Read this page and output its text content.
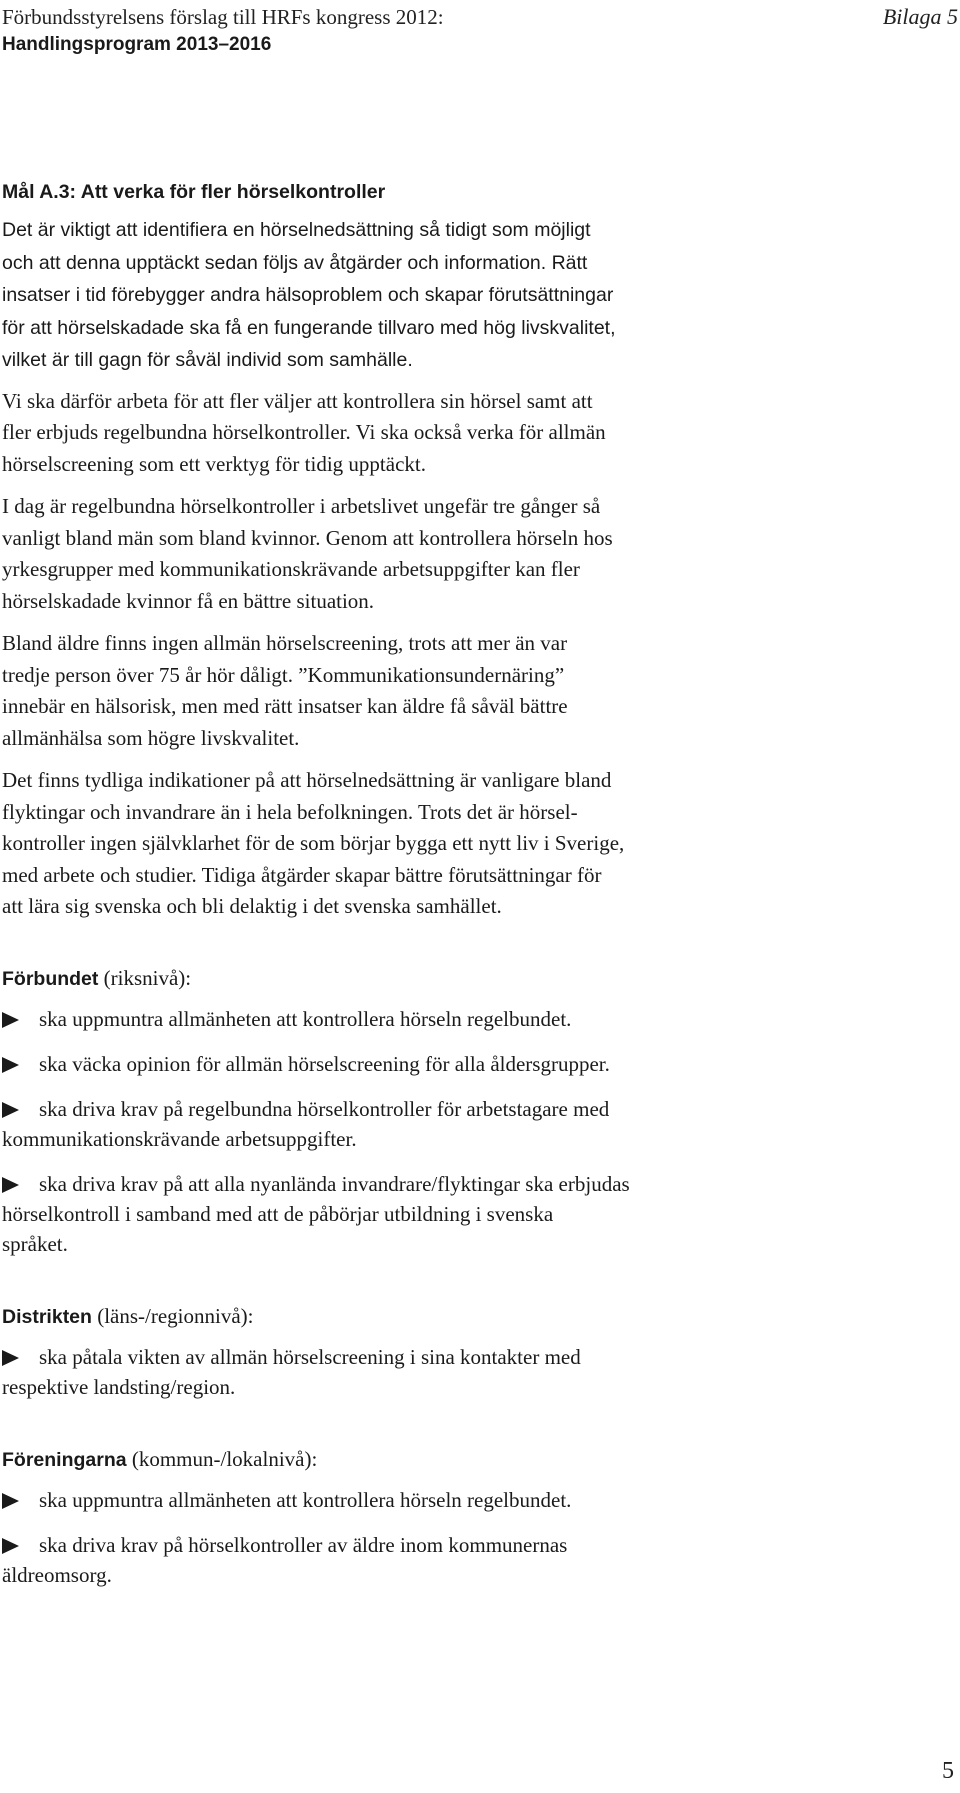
Förbundsstyrelsens förslag till HRFs kongress 2012:
Handlingsprogram 2013–2016
Bilaga 5
Mål A.3: Att verka för fler hörselkontroller
Det är viktigt att identifiera en hörselnedsättning så tidigt som möjligt
och att denna upptäckt sedan följs av åtgärder och information. Rätt
insatser i tid förebygger andra hälsoproblem och skapar förutsättningar
för att hörselskadade ska få en fungerande tillvaro med hög livskvalitet,
vilket är till gagn för såväl individ som samhälle.
Vi ska därför arbeta för att fler väljer att kontrollera sin hörsel samt att
fler erbjuds regelbundna hörselkontroller. Vi ska också verka för allmän
hörselscreening som ett verktyg för tidig upptäckt.
I dag är regelbundna hörselkontroller i arbetslivet ungefär tre gånger så
vanligt bland män som bland kvinnor. Genom att kontrollera hörseln hos
yrkesgrupper med kommunikationskrävande arbetsuppgifter kan fler
hörselskadade kvinnor få en bättre situation.
Bland äldre finns ingen allmän hörselscreening, trots att mer än var
tredje person över 75 år hör dåligt. ”Kommunikationsundernäring”
innebär en hälsorisk, men med rätt insatser kan äldre få såväl bättre
allmänhälsa som högre livskvalitet.
Det finns tydliga indikationer på att hörselnedsättning är vanligare bland
flyktingar och invandrare än i hela befolkningen. Trots det är hörsel-
kontroller ingen självklarhet för de som börjar bygga ett nytt liv i Sverige,
med arbete och studier. Tidiga åtgärder skapar bättre förutsättningar för
att lära sig svenska och bli delaktig i det svenska samhället.
Förbundet (riksnivå):
ska uppmuntra allmänheten att kontrollera hörseln regelbundet.
ska väcka opinion för allmän hörselscreening för alla åldersgrupper.
ska driva krav på regelbundna hörselkontroller för arbetstagare med
kommunikationskrävande arbetsuppgifter.
ska driva krav på att alla nyanlända invandrare/flyktingar ska erbjudas
hörselkontroll i samband med att de påbörjar utbildning i svenska
språket.
Distrikten (läns-/regionnivå):
ska påtala vikten av allmän hörselscreening i sina kontakter med
respektive landsting/region.
Föreningarna (kommun-/lokalnivå):
ska uppmuntra allmänheten att kontrollera hörseln regelbundet.
ska driva krav på hörselkontroller av äldre inom kommunernas
äldreomsorg.
5
